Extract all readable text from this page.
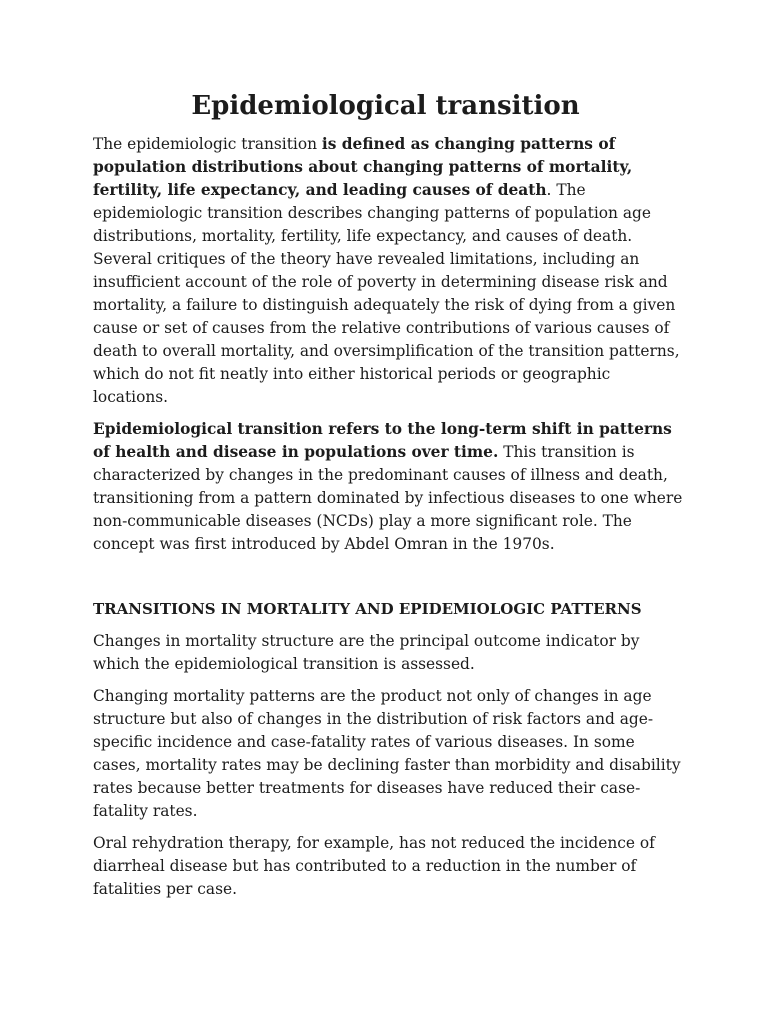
Epidemiological transition

The epidemiologic transition is defined as changing patterns of population distributions about changing patterns of mortality, fertility, life expectancy, and leading causes of death. The epidemiologic transition describes changing patterns of population age distributions, mortality, fertility, life expectancy, and causes of death. Several critiques of the theory have revealed limitations, including an insufficient account of the role of poverty in determining disease risk and mortality, a failure to distinguish adequately the risk of dying from a given cause or set of causes from the relative contributions of various causes of death to overall mortality, and oversimplification of the transition patterns, which do not fit neatly into either historical periods or geographic locations.

Epidemiological transition refers to the long-term shift in patterns of health and disease in populations over time. This transition is characterized by changes in the predominant causes of illness and death, transitioning from a pattern dominated by infectious diseases to one where non-communicable diseases (NCDs) play a more significant role. The concept was first introduced by Abdel Omran in the 1970s.

TRANSITIONS IN MORTALITY AND EPIDEMIOLOGIC PATTERNS

Changes in mortality structure are the principal outcome indicator by which the epidemiological transition is assessed.

Changing mortality patterns are the product not only of changes in age structure but also of changes in the distribution of risk factors and age-specific incidence and case-fatality rates of various diseases. In some cases, mortality rates may be declining faster than morbidity and disability rates because better treatments for diseases have reduced their case-fatality rates.

Oral rehydration therapy, for example, has not reduced the incidence of diarrheal disease but has contributed to a reduction in the number of fatalities per case.
